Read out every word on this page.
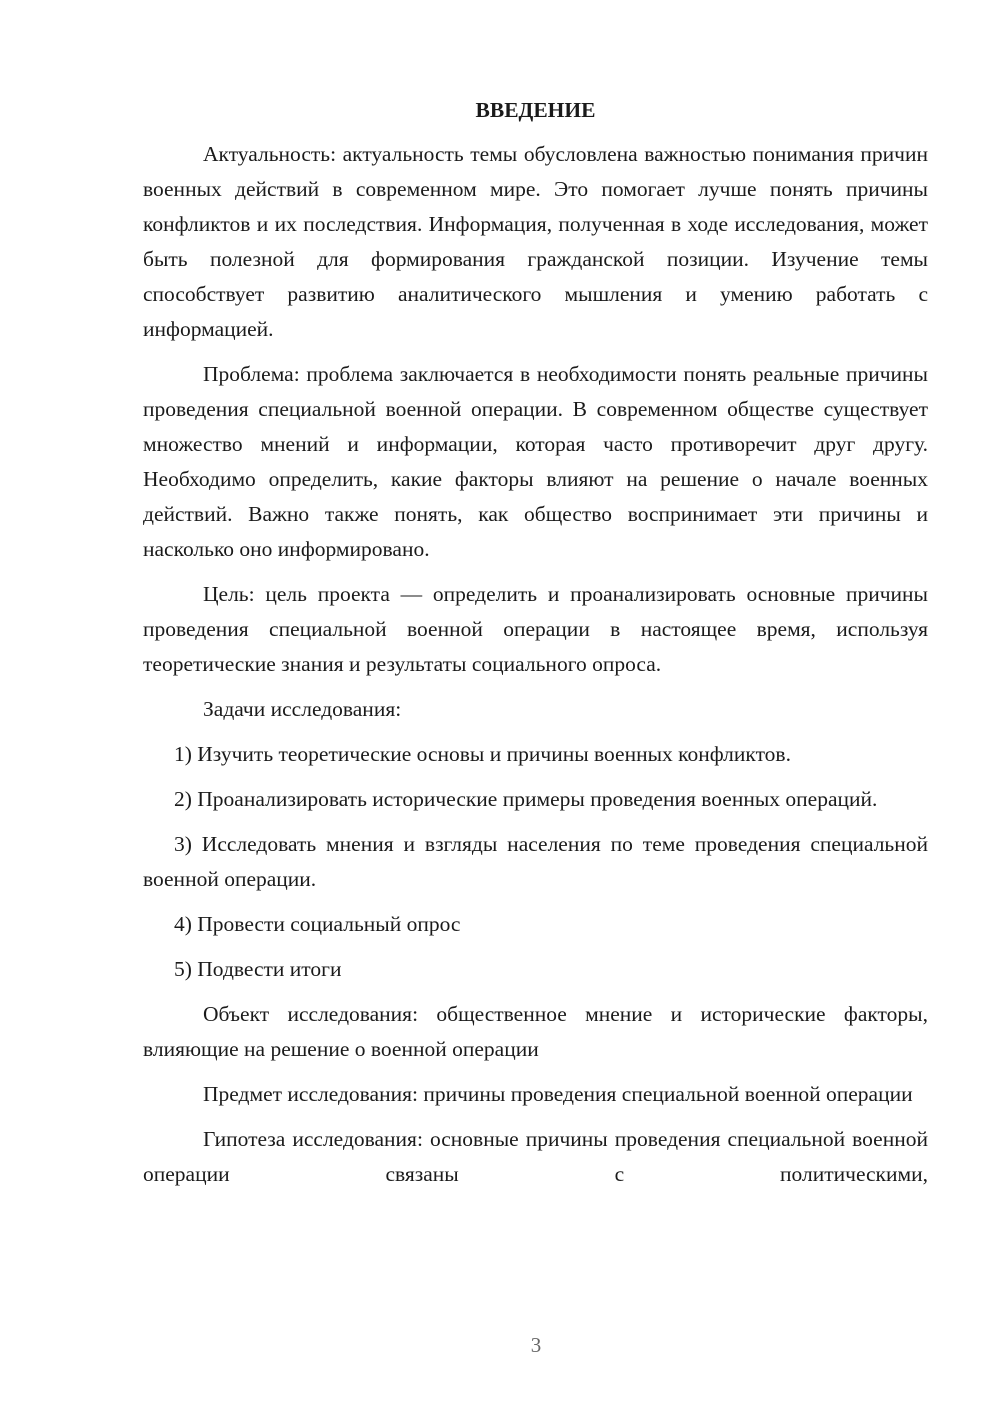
ВВЕДЕНИЕ

Актуальность: актуальность темы обусловлена важностью понимания причин военных действий в современном мире. Это помогает лучше понять причины конфликтов и их последствия. Информация, полученная в ходе исследования, может быть полезной для формирования гражданской позиции. Изучение темы способствует развитию аналитического мышления и умению работать с информацией.

Проблема: проблема заключается в необходимости понять реальные причины проведения специальной военной операции. В современном обществе существует множество мнений и информации, которая часто противоречит друг другу. Необходимо определить, какие факторы влияют на решение о начале военных действий. Важно также понять, как общество воспринимает эти причины и насколько оно информировано.

Цель: цель проекта — определить и проанализировать основные причины проведения специальной военной операции в настоящее время, используя теоретические знания и результаты социального опроса.

Задачи исследования:

1) Изучить теоретические основы и причины военных конфликтов.

2) Проанализировать исторические примеры проведения военных операций.

3) Исследовать мнения и взгляды населения по теме проведения специальной военной операции.

4) Провести социальный опрос

5) Подвести итоги

Объект исследования: общественное мнение и исторические факторы, влияющие на решение о военной операции

Предмет исследования: причины проведения специальной военной операции

Гипотеза исследования: основные причины проведения специальной военной операции связаны с политическими,

3
